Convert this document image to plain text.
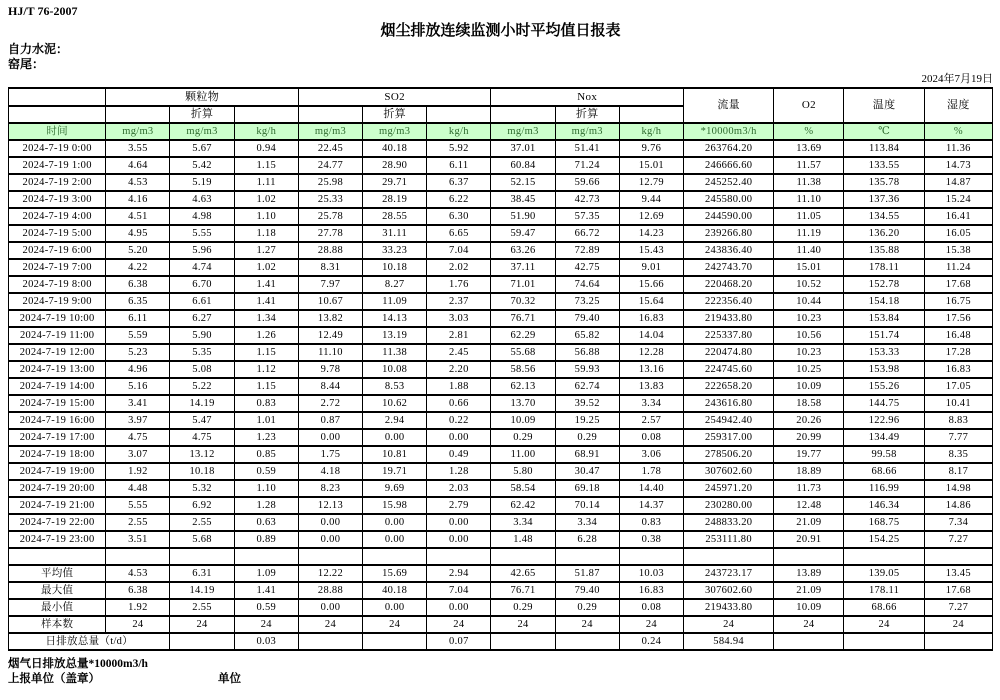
HJ/T 76-2007
烟尘排放连续监测小时平均值日报表
自力水泥：
窑尾：
2024年7月19日
	颗粒物			SO2			Nox			流量	O2	温度	湿度
		折算			折算			折算					
时间	mg/m3	mg/m3	kg/h	mg/m3	mg/m3	kg/h	mg/m3	mg/m3	kg/h	*10000m3/h	%	℃	%
2024-7-19 0:00	3.55	5.67	0.94	22.45	40.18	5.92	37.01	51.41	9.76	263764.20	13.69	113.84	11.36
2024-7-19 1:00	4.64	5.42	1.15	24.77	28.90	6.11	60.84	71.24	15.01	246666.60	11.57	133.55	14.73
2024-7-19 2:00	4.53	5.19	1.11	25.98	29.71	6.37	52.15	59.66	12.79	245252.40	11.38	135.78	14.87
2024-7-19 3:00	4.16	4.63	1.02	25.33	28.19	6.22	38.45	42.73	9.44	245580.00	11.10	137.36	15.24
2024-7-19 4:00	4.51	4.98	1.10	25.78	28.55	6.30	51.90	57.35	12.69	244590.00	11.05	134.55	16.41
2024-7-19 5:00	4.95	5.55	1.18	27.78	31.11	6.65	59.47	66.72	14.23	239266.80	11.19	136.20	16.05
2024-7-19 6:00	5.20	5.96	1.27	28.88	33.23	7.04	63.26	72.89	15.43	243836.40	11.40	135.88	15.38
2024-7-19 7:00	4.22	4.74	1.02	8.31	10.18	2.02	37.11	42.75	9.01	242743.70	15.01	178.11	11.24
2024-7-19 8:00	6.38	6.70	1.41	7.97	8.27	1.76	71.01	74.64	15.66	220468.20	10.52	152.78	17.68
2024-7-19 9:00	6.35	6.61	1.41	10.67	11.09	2.37	70.32	73.25	15.64	222356.40	10.44	154.18	16.75
2024-7-19 10:00	6.11	6.27	1.34	13.82	14.13	3.03	76.71	79.40	16.83	219433.80	10.23	153.84	17.56
2024-7-19 11:00	5.59	5.90	1.26	12.49	13.19	2.81	62.29	65.82	14.04	225337.80	10.56	151.74	16.48
2024-7-19 12:00	5.23	5.35	1.15	11.10	11.38	2.45	55.68	56.88	12.28	220474.80	10.23	153.33	17.28
2024-7-19 13:00	4.96	5.08	1.12	9.78	10.08	2.20	58.56	59.93	13.16	224745.60	10.25	153.98	16.83
2024-7-19 14:00	5.16	5.22	1.15	8.44	8.53	1.88	62.13	62.74	13.83	222658.20	10.09	155.26	17.05
2024-7-19 15:00	3.41	14.19	0.83	2.72	10.62	0.66	13.70	39.52	3.34	243616.80	18.58	144.75	10.41
2024-7-19 16:00	3.97	5.47	1.01	0.87	2.94	0.22	10.09	19.25	2.57	254942.40	20.26	122.96	8.83
2024-7-19 17:00	4.75	4.75	1.23	0.00	0.00	0.00	0.29	0.29	0.08	259317.00	20.99	134.49	7.77
2024-7-19 18:00	3.07	13.12	0.85	1.75	10.81	0.49	11.00	68.91	3.06	278506.20	19.77	99.58	8.35
2024-7-19 19:00	1.92	10.18	0.59	4.18	19.71	1.28	5.80	30.47	1.78	307602.60	18.89	68.66	8.17
2024-7-19 20:00	4.48	5.32	1.10	8.23	9.69	2.03	58.54	69.18	14.40	245971.20	11.73	116.99	14.98
2024-7-19 21:00	5.55	6.92	1.28	12.13	15.98	2.79	62.42	70.14	14.37	230280.00	12.48	146.34	14.86
2024-7-19 22:00	2.55	2.55	0.63	0.00	0.00	0.00	3.34	3.34	0.83	248833.20	21.09	168.75	7.34
2024-7-19 23:00	3.51	5.68	0.89	0.00	0.00	0.00	1.48	6.28	0.38	253111.80	20.91	154.25	7.27

平均值	4.53	6.31	1.09	12.22	15.69	2.94	42.65	51.87	10.03	243723.17	13.89	139.05	13.45
最大值	6.38	14.19	1.41	28.88	40.18	7.04	76.71	79.40	16.83	307602.60	21.09	178.11	17.68
最小值	1.92	2.55	0.59	0.00	0.00	0.00	0.29	0.29	0.08	219433.80	10.09	68.66	7.27
样本数	24	24	24	24	24	24	24	24	24	24	24	24	24
日排放总量（t/d）			0.03			0.07			0.24	584.94			
烟气日排放总量*10000m3/h
上报单位（盖章）	单位
